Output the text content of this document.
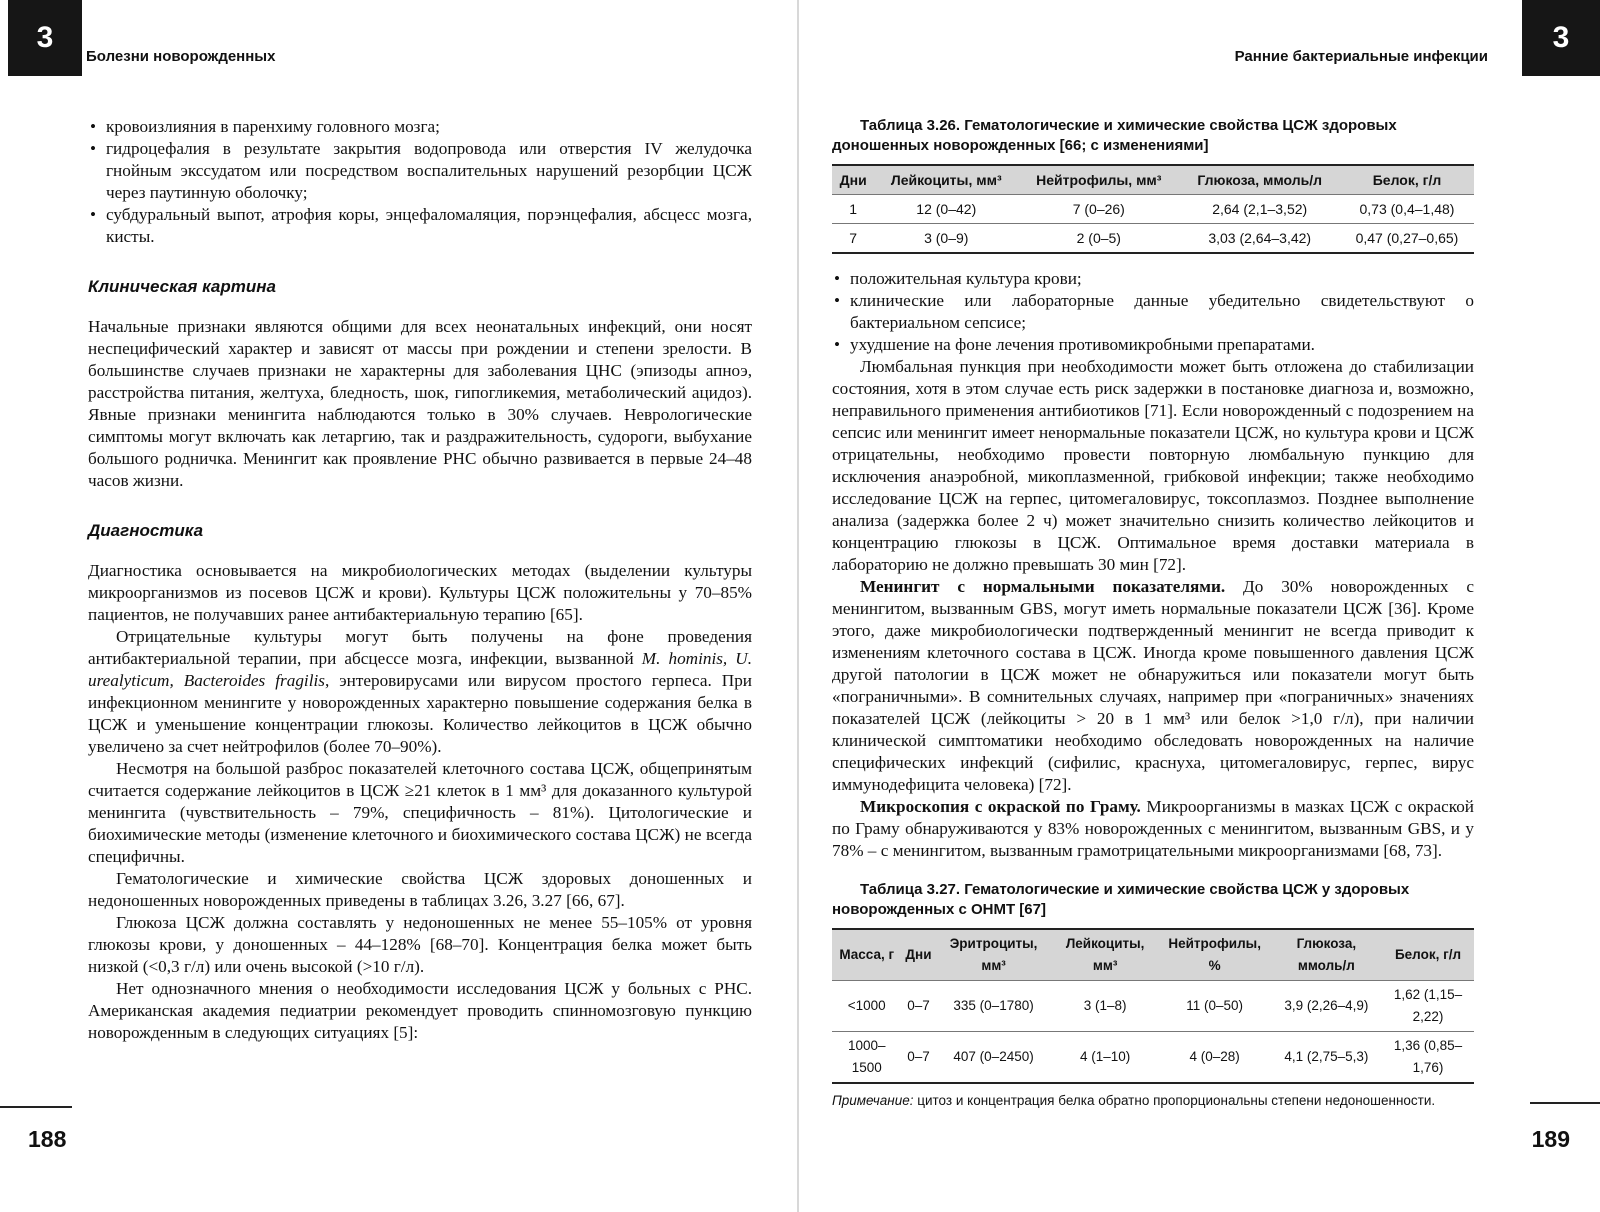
3
Болезни новорожденных
• кровоизлияния в паренхиму головного мозга;
• гидроцефалия в результате закрытия водопровода или отверстия IV желудочка гнойным экссудатом или посредством воспалительных нарушений резорбции ЦСЖ через паутинную оболочку;
• субдуральный выпот, атрофия коры, энцефаломаляция, порэнцефалия, абсцесс мозга, кисты.
Клиническая картина

Начальные признаки являются общими для всех неонатальных инфекций, они носят неспецифический характер и зависят от массы при рождении и степени зрелости. В большинстве случаев признаки не характерны для заболевания ЦНС (эпизоды апноэ, расстройства питания, желтуха, бледность, шок, гипогликемия, метаболический ацидоз). Явные признаки менингита наблюдаются только в 30% случаев. Неврологические симптомы могут включать как летаргию, так и раздражительность, судороги, выбухание большого родничка. Менингит как проявление РНС обычно развивается в первые 24–48 часов жизни.

Диагностика

Диагностика основывается на микробиологических методах (выделении культуры микроорганизмов из посевов ЦСЖ и крови). Культуры ЦСЖ положительны у 70–85% пациентов, не получавших ранее антибактериальную терапию [65].

Отрицательные культуры могут быть получены на фоне проведения антибактериальной терапии, при абсцессе мозга, инфекции, вызванной M. hominis, U. urealyticum, Bacteroides fragilis, энтеровирусами или вирусом простого герпеса. При инфекционном менингите у новорожденных характерно повышение содержания белка в ЦСЖ и уменьшение концентрации глюкозы. Количество лейкоцитов в ЦСЖ обычно увеличено за счет нейтрофилов (более 70–90%).

Несмотря на большой разброс показателей клеточного состава ЦСЖ, общепринятым считается содержание лейкоцитов в ЦСЖ ≥21 клеток в 1 мм³ для доказанного культурой менингита (чувствительность – 79%, специфичность – 81%). Цитологические и биохимические методы (изменение клеточного и биохимического состава ЦСЖ) не всегда специфичны.

Гематологические и химические свойства ЦСЖ здоровых доношенных и недоношенных новорожденных приведены в таблицах 3.26, 3.27 [66, 67].

Глюкоза ЦСЖ должна составлять у недоношенных не менее 55–105% от уровня глюкозы крови, у доношенных – 44–128% [68–70]. Концентрация белка может быть низкой (<0,3 г/л) или очень высокой (>10 г/л).

Нет однозначного мнения о необходимости исследования ЦСЖ у больных с РНС. Американская академия педиатрии рекомендует проводить спинномозговую пункцию новорожденным в следующих ситуациях [5]:

188
Ранние бактериальные инфекции
3

Таблица 3.26. Гематологические и химические свойства ЦСЖ здоровых доношенных новорожденных [66; с изменениями]

Дни	Лейкоциты, мм³	Нейтрофилы, мм³	Глюкоза, ммоль/л	Белок, г/л
1	12 (0–42)	7 (0–26)	2,64 (2,1–3,52)	0,73 (0,4–1,48)
7	3 (0–9)	2 (0–5)	3,03 (2,64–3,42)	0,47 (0,27–0,65)
• положительная культура крови;
• клинические или лабораторные данные убедительно свидетельствуют о бактериальном сепсисе;
• ухудшение на фоне лечения противомикробными препаратами.

Люмбальная пункция при необходимости может быть отложена до стабилизации состояния, хотя в этом случае есть риск задержки в постановке диагноза и, возможно, неправильного применения антибиотиков [71]. Если новорожденный с подозрением на сепсис или менингит имеет ненормальные показатели ЦСЖ, но культура крови и ЦСЖ отрицательны, необходимо провести повторную люмбальную пункцию для исключения анаэробной, микоплазменной, грибковой инфекции; также необходимо исследование ЦСЖ на герпес, цитомегаловирус, токсоплазмоз. Позднее выполнение анализа (задержка более 2 ч) может значительно снизить количество лейкоцитов и концентрацию глюкозы в ЦСЖ. Оптимальное время доставки материала в лабораторию не должно превышать 30 мин [72].

Менингит с нормальными показателями. До 30% новорожденных с менингитом, вызванным GBS, могут иметь нормальные показатели ЦСЖ [36]. Кроме этого, даже микробиологически подтвержденный менингит не всегда приводит к изменениям клеточного состава в ЦСЖ. Иногда кроме повышенного давления ЦСЖ другой патологии в ЦСЖ может не обнаружиться или показатели могут быть «пограничными». В сомнительных случаях, например при «пограничных» значениях показателей ЦСЖ (лейкоциты > 20 в 1 мм³ или белок >1,0 г/л), при наличии клинической симптоматики необходимо обследовать новорожденных на наличие специфических инфекций (сифилис, краснуха, цитомегаловирус, герпес, вирус иммунодефицита человека) [72].

Микроскопия с окраской по Граму. Микроорганизмы в мазках ЦСЖ с окраской по Граму обнаруживаются у 83% новорожденных с менингитом, вызванным GBS, и у 78% – с менингитом, вызванным грамотрицательными микроорганизмами [68, 73].

Таблица 3.27. Гематологические и химические свойства ЦСЖ у здоровых новорожденных с ОНМТ [67]

Масса, г	Дни	Эритроциты, мм³	Лейкоциты, мм³	Нейтрофилы, %	Глюкоза, ммоль/л	Белок, г/л
<1000	0–7	335 (0–1780)	3 (1–8)	11 (0–50)	3,9 (2,26–4,9)	1,62 (1,15–2,22)
1000–1500	0–7	407 (0–2450)	4 (1–10)	4 (0–28)	4,1 (2,75–5,3)	1,36 (0,85–1,76)
Примечание: цитоз и концентрация белка обратно пропорциональны степени недоношенности.
189
